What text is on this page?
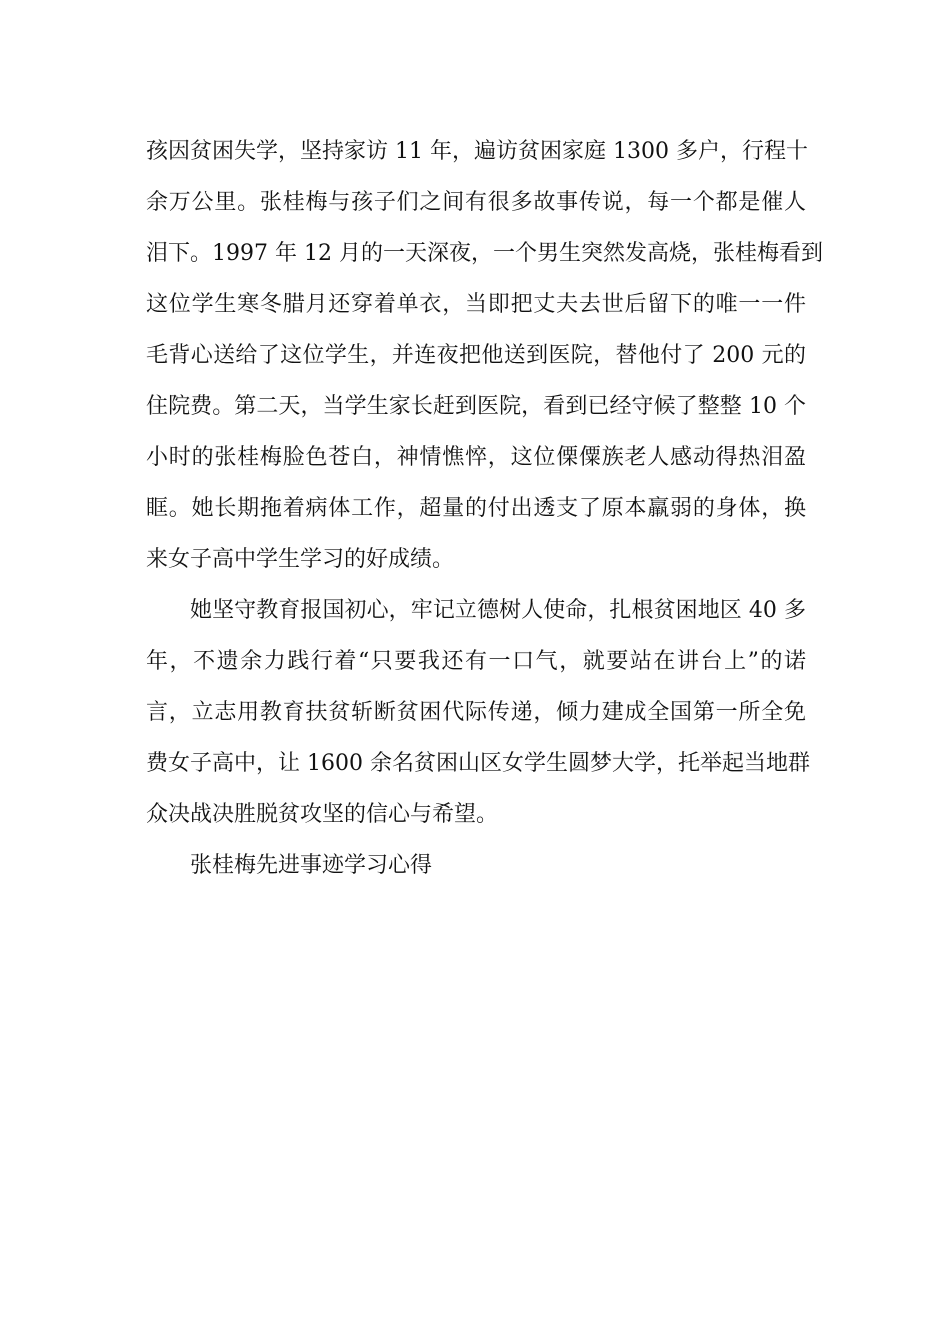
孩因贫困失学，坚持家访 11 年，遍访贫困家庭 1300 多户，行程十
余万公里。张桂梅与孩子们之间有很多故事传说，每一个都是催人
泪下。1997 年 12 月的一天深夜，一个男生突然发高烧，张桂梅看到
这位学生寒冬腊月还穿着单衣，当即把丈夫去世后留下的唯一一件
毛背心送给了这位学生，并连夜把他送到医院，替他付了 200 元的
住院费。第二天，当学生家长赶到医院，看到已经守候了整整 10 个
小时的张桂梅脸色苍白，神情憔悴，这位傈僳族老人感动得热泪盈
眶。她长期拖着病体工作，超量的付出透支了原本羸弱的身体，换
来女子高中学生学习的好成绩。
她坚守教育报国初心，牢记立德树人使命，扎根贫困地区 40 多
年，不遗余力践行着“只要我还有一口气，就要站在讲台上”的诺
言，立志用教育扶贫斩断贫困代际传递，倾力建成全国第一所全免
费女子高中，让 1600 余名贫困山区女学生圆梦大学，托举起当地群
众决战决胜脱贫攻坚的信心与希望。
张桂梅先进事迹学习心得
